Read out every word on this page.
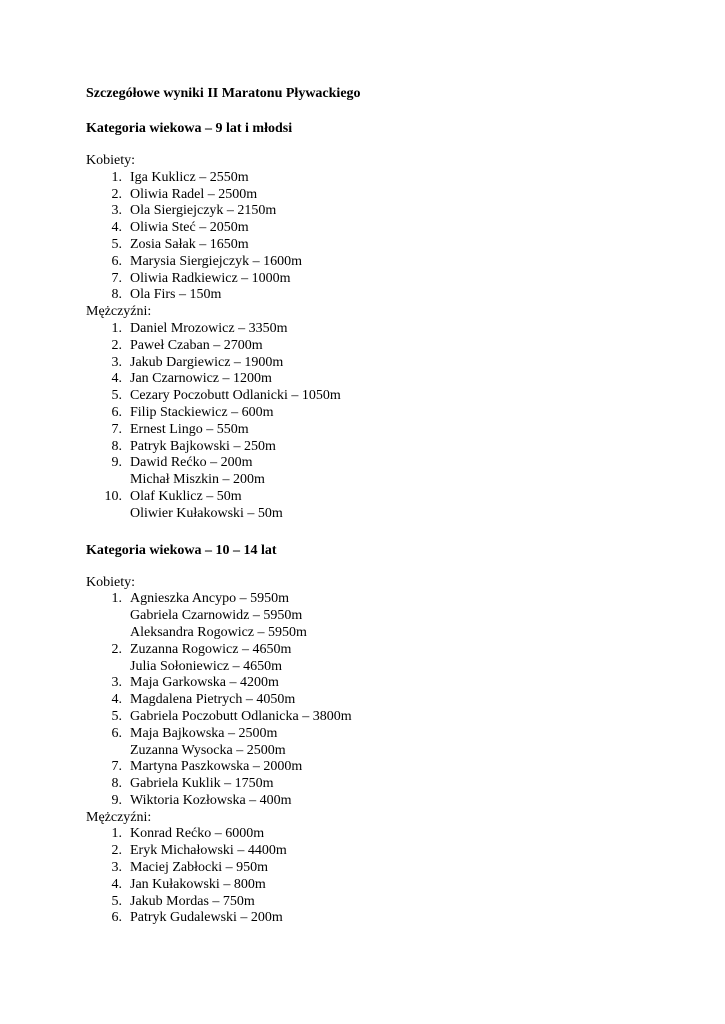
Szczegółowe wyniki II Maratonu Pływackiego
Kategoria wiekowa – 9 lat i młodsi
Kobiety:
1. Iga Kuklicz – 2550m
2. Oliwia Radel – 2500m
3. Ola Siergiejczyk – 2150m
4. Oliwia Steć – 2050m
5. Zosia Sałak – 1650m
6. Marysia Siergiejczyk – 1600m
7. Oliwia Radkiewicz – 1000m
8. Ola Firs – 150m
Mężczyźni:
1. Daniel Mrozowicz – 3350m
2. Paweł Czaban – 2700m
3. Jakub Dargiewicz – 1900m
4. Jan Czarnowicz – 1200m
5. Cezary Poczobutt Odlanicki – 1050m
6. Filip Stackiewicz – 600m
7. Ernest Lingo – 550m
8. Patryk Bajkowski – 250m
9. Dawid Rećko – 200m
Michał Miszkin – 200m
10. Olaf Kuklicz – 50m
Oliwier Kułakowski – 50m
Kategoria wiekowa – 10 – 14 lat
Kobiety:
1. Agnieszka Ancypo – 5950m
Gabriela Czarnowidz – 5950m
Aleksandra Rogowicz – 5950m
2. Zuzanna Rogowicz – 4650m
Julia Sołoniewicz – 4650m
3. Maja Garkowska – 4200m
4. Magdalena Pietrych – 4050m
5. Gabriela Poczobutt Odlanicka – 3800m
6. Maja Bajkowska – 2500m
Zuzanna Wysocka – 2500m
7. Martyna Paszkowska – 2000m
8. Gabriela Kuklik – 1750m
9. Wiktoria Kozłowska – 400m
Mężczyźni:
1. Konrad Rećko – 6000m
2. Eryk Michałowski – 4400m
3. Maciej Zabłocki – 950m
4. Jan Kułakowski – 800m
5. Jakub Mordas – 750m
6. Patryk Gudalewski – 200m
